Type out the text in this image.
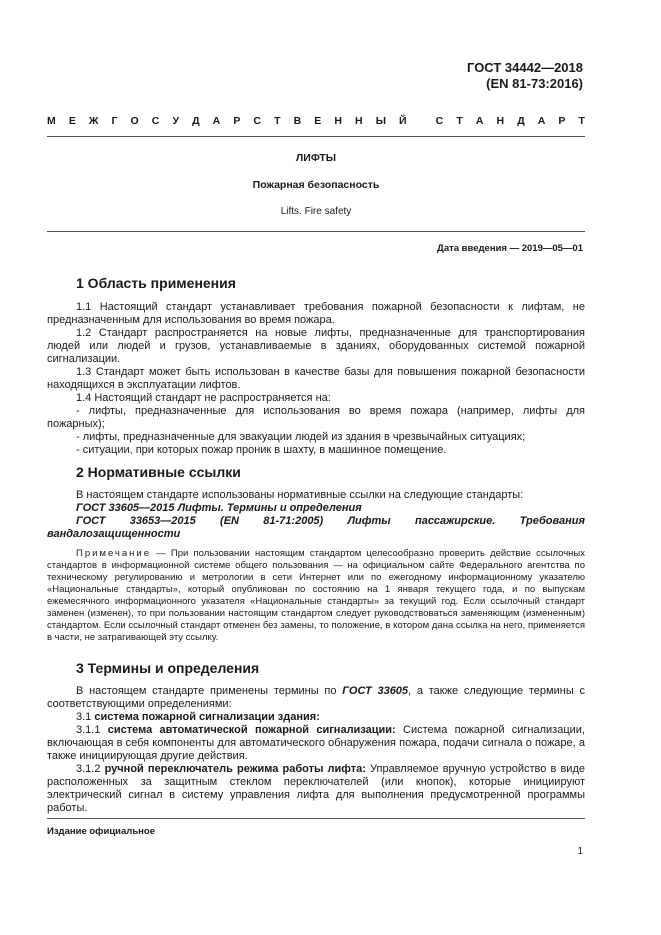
ГОСТ 34442—2018
(EN 81-73:2016)
М Е Ж Г О С У Д А Р С Т В Е Н Н Ы Й
	С Т А Н Д А Р Т
ЛИФТЫ
Пожарная безопасность
Lifts. Fire safety
Дата введения — 2019—05—01
1 Область применения

1.1 Настоящий стандарт устанавливает требования пожарной безопасности к лифтам, не предназначенным для использования во время пожара.

1.2 Стандарт распространяется на новые лифты, предназначенные для транспортирования людей или людей и грузов, устанавливаемые в зданиях, оборудованных системой пожарной сигнализации.

1.3 Стандарт может быть использован в качестве базы для повышения пожарной безопасности находящихся в эксплуатации лифтов.

1.4 Настоящий стандарт не распространяется на:

- лифты, предназначенные для использования во время пожара (например, лифты для пожарных);

- лифты, предназначенные для эвакуации людей из здания в чрезвычайных ситуациях;

- ситуации, при которых пожар проник в шахту, в машинное помещение.

2 Нормативные ссылки

В настоящем стандарте использованы нормативные ссылки на следующие стандарты:

ГОСТ 33605—2015 Лифты. Термины и определения

ГОСТ 33653—2015 (EN 81-71:2005) Лифты пассажирские. Требования вандалозащищенности

Примечание — При пользовании настоящим стандартом целесообразно проверить действие ссылочных стандартов в информационной системе общего пользования — на официальном сайте Федерального агентства по техническому регулированию и метрологии в сети Интернет или по ежегодному информационному указателю «Национальные стандарты», который опубликован по состоянию на 1 января текущего года, и по выпускам ежемесячного информационного указателя «Национальные стандарты» за текущий год. Если ссылочный стандарт заменен (изменен), то при пользовании настоящим стандартом следует руководствоваться заменяющим (измененным) стандартом. Если ссылочный стандарт отменен без замены, то положение, в котором дана ссылка на него, применяется в части, не затрагивающей эту ссылку.

3 Термины и определения

В настоящем стандарте применены термины по ГОСТ 33605, а также следующие термины с соответствующими определениями:

3.1 система пожарной сигнализации здания:

3.1.1 система автоматической пожарной сигнализации: Система пожарной сигнализации, включающая в себя компоненты для автоматического обнаружения пожара, подачи сигнала о пожаре, а также инициирующая другие действия.

3.1.2 ручной переключатель режима работы лифта: Управляемое вручную устройство в виде расположенных за защитным стеклом переключателей (или кнопок), которые инициируют электрический сигнал в систему управления лифта для выполнения предусмотренной программы работы.

Издание официальное
1
